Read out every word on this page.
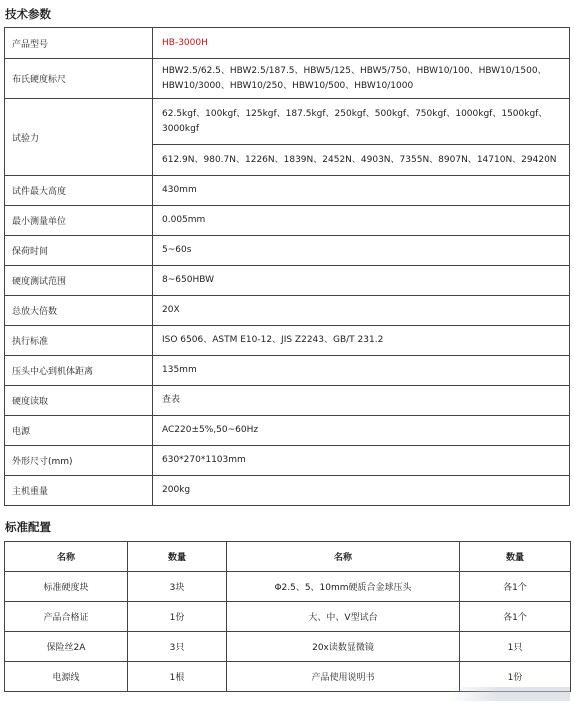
技术参数
产品型号	HB-3000H
布氏硬度标尺	HBW2.5/62.5、HBW2.5/187.5、HBW5/125、HBW5/750、HBW10/100、HBW10/1500、HBW10/3000、HBW10/250、HBW10/500、HBW10/1000
试验力	62.5kgf、100kgf、125kgf、187.5kgf、250kgf、500kgf、750kgf、1000kgf、1500kgf、3000kgf
	612.9N、980.7N、1226N、1839N、2452N、4903N、7355N、8907N、14710N、29420N
试件最大高度	430mm
最小测量单位	0.005mm
保荷时间	5~60s
硬度测试范围	8~650HBW
总放大倍数	20X
执行标准	ISO 6506、ASTM E10-12、JIS Z2243、GB/T 231.2
压头中心到机体距离	135mm
硬度读取	查表
电源	AC220±5%,50~60Hz
外形尺寸(mm)	630*270*1103mm
主机重量	200kg
标准配置
名称	数量	名称	数量
标准硬度块	3块	Φ2.5、5、10mm硬质合金球压头	各1个
产品合格证	1份	大、中、V型试台	各1个
保险丝2A	3只	20x读数显微镜	1只
电源线	1根	产品使用说明书	1份
